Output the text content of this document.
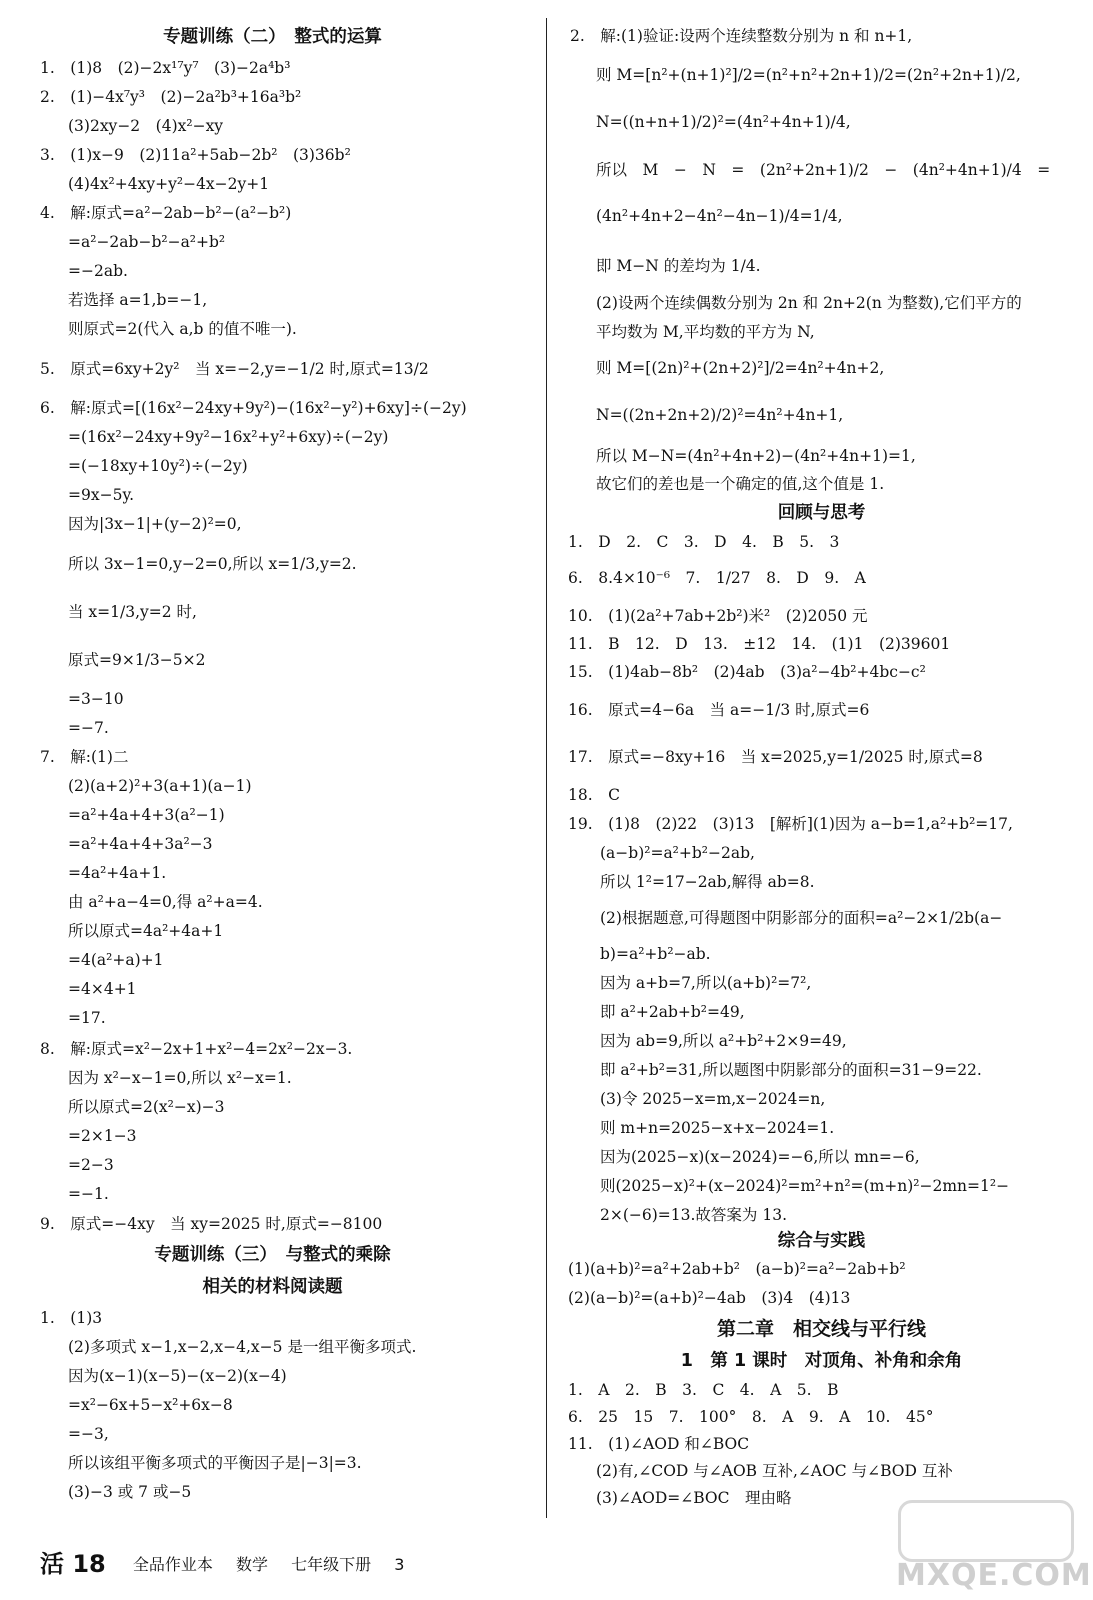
专题训练（二）　整式的运算
1.　(1)8　(2)−2x¹⁷y⁷　(3)−2a⁴b³
2.　(1)−4x⁷y³　(2)−2a²b³+16a³b²
(3)2xy−2　(4)x²−xy
3.　(1)x−9　(2)11a²+5ab−2b²　(3)36b²
(4)4x²+4xy+y²−4x−2y+1
4.　解:原式=a²−2ab−b²−(a²−b²)
=a²−2ab−b²−a²+b²
=−2ab.
若选择 a=1,b=−1,
则原式=2(代入 a,b 的值不唯一).
5.　原式=6xy+2y²　当 x=−2,y=−1/2 时,原式=13/2
6.　解:原式=[(16x²−24xy+9y²)−(16x²−y²)+6xy]÷(−2y)
=(16x²−24xy+9y²−16x²+y²+6xy)÷(−2y)
=(−18xy+10y²)÷(−2y)
=9x−5y.
因为|3x−1|+(y−2)²=0,
所以 3x−1=0,y−2=0,所以 x=1/3,y=2.
当 x=1/3,y=2 时,
原式=9×1/3−5×2
=3−10
=−7.
7.　解:(1)二
(2)(a+2)²+3(a+1)(a−1)
=a²+4a+4+3(a²−1)
=a²+4a+4+3a²−3
=4a²+4a+1.
由 a²+a−4=0,得 a²+a=4.
所以原式=4a²+4a+1
=4(a²+a)+1
=4×4+1
=17.
8.　解:原式=x²−2x+1+x²−4=2x²−2x−3.
因为 x²−x−1=0,所以 x²−x=1.
所以原式=2(x²−x)−3
=2×1−3
=2−3
=−1.
9.　原式=−4xy　当 xy=2025 时,原式=−8100
专题训练（三）　与整式的乘除
相关的材料阅读题
1.　(1)3
(2)多项式 x−1,x−2,x−4,x−5 是一组平衡多项式.
因为(x−1)(x−5)−(x−2)(x−4)
=x²−6x+5−x²+6x−8
=−3,
所以该组平衡多项式的平衡因子是|−3|=3.
(3)−3 或 7 或−5
2.　解:(1)验证:设两个连续整数分别为 n 和 n+1,
则 M=[n²+(n+1)²]/2=(n²+n²+2n+1)/2=(2n²+2n+1)/2,
N=((n+n+1)/2)²=(4n²+4n+1)/4,
所以　M　−　N　=　(2n²+2n+1)/2　−　(4n²+4n+1)/4　=
(4n²+4n+2−4n²−4n−1)/4=1/4,
即 M−N 的差均为 1/4.
(2)设两个连续偶数分别为 2n 和 2n+2(n 为整数),它们平方的
平均数为 M,平均数的平方为 N,
则 M=[(2n)²+(2n+2)²]/2=4n²+4n+2,
N=((2n+2n+2)/2)²=4n²+4n+1,
所以 M−N=(4n²+4n+2)−(4n²+4n+1)=1,
故它们的差也是一个确定的值,这个值是 1.
回顾与思考
1.　D　2.　C　3.　D　4.　B　5.　3
6.　8.4×10⁻⁶　7.　1/27　8.　D　9.　A
10.　(1)(2a²+7ab+2b²)米²　(2)2050 元
11.　B　12.　D　13.　±12　14.　(1)1　(2)39601
15.　(1)4ab−8b²　(2)4ab　(3)a²−4b²+4bc−c²
16.　原式=4−6a　当 a=−1/3 时,原式=6
17.　原式=−8xy+16　当 x=2025,y=1/2025 时,原式=8
18.　C
19.　(1)8　(2)22　(3)13　[解析](1)因为 a−b=1,a²+b²=17,
(a−b)²=a²+b²−2ab,
所以 1²=17−2ab,解得 ab=8.
(2)根据题意,可得题图中阴影部分的面积=a²−2×1/2b(a−
b)=a²+b²−ab.
因为 a+b=7,所以(a+b)²=7²,
即 a²+2ab+b²=49,
因为 ab=9,所以 a²+b²+2×9=49,
即 a²+b²=31,所以题图中阴影部分的面积=31−9=22.
(3)令 2025−x=m,x−2024=n,
则 m+n=2025−x+x−2024=1.
因为(2025−x)(x−2024)=−6,所以 mn=−6,
则(2025−x)²+(x−2024)²=m²+n²=(m+n)²−2mn=1²−
2×(−6)=13.故答案为 13.
综合与实践
(1)(a+b)²=a²+2ab+b²　(a−b)²=a²−2ab+b²
(2)(a−b)²=(a+b)²−4ab　(3)4　(4)13
第二章　相交线与平行线
1　第 1 课时　对顶角、补角和余角
1.　A　2.　B　3.　C　4.　A　5.　B
6.　25　15　7.　100°　8.　A　9.　A　10.　45°
11.　(1)∠AOD 和∠BOC
(2)有,∠COD 与∠AOB 互补,∠AOC 与∠BOD 互补
(3)∠AOD=∠BOC　理由略
活 18 全品作业本 数学 七年级下册 3	MXQE.COM
